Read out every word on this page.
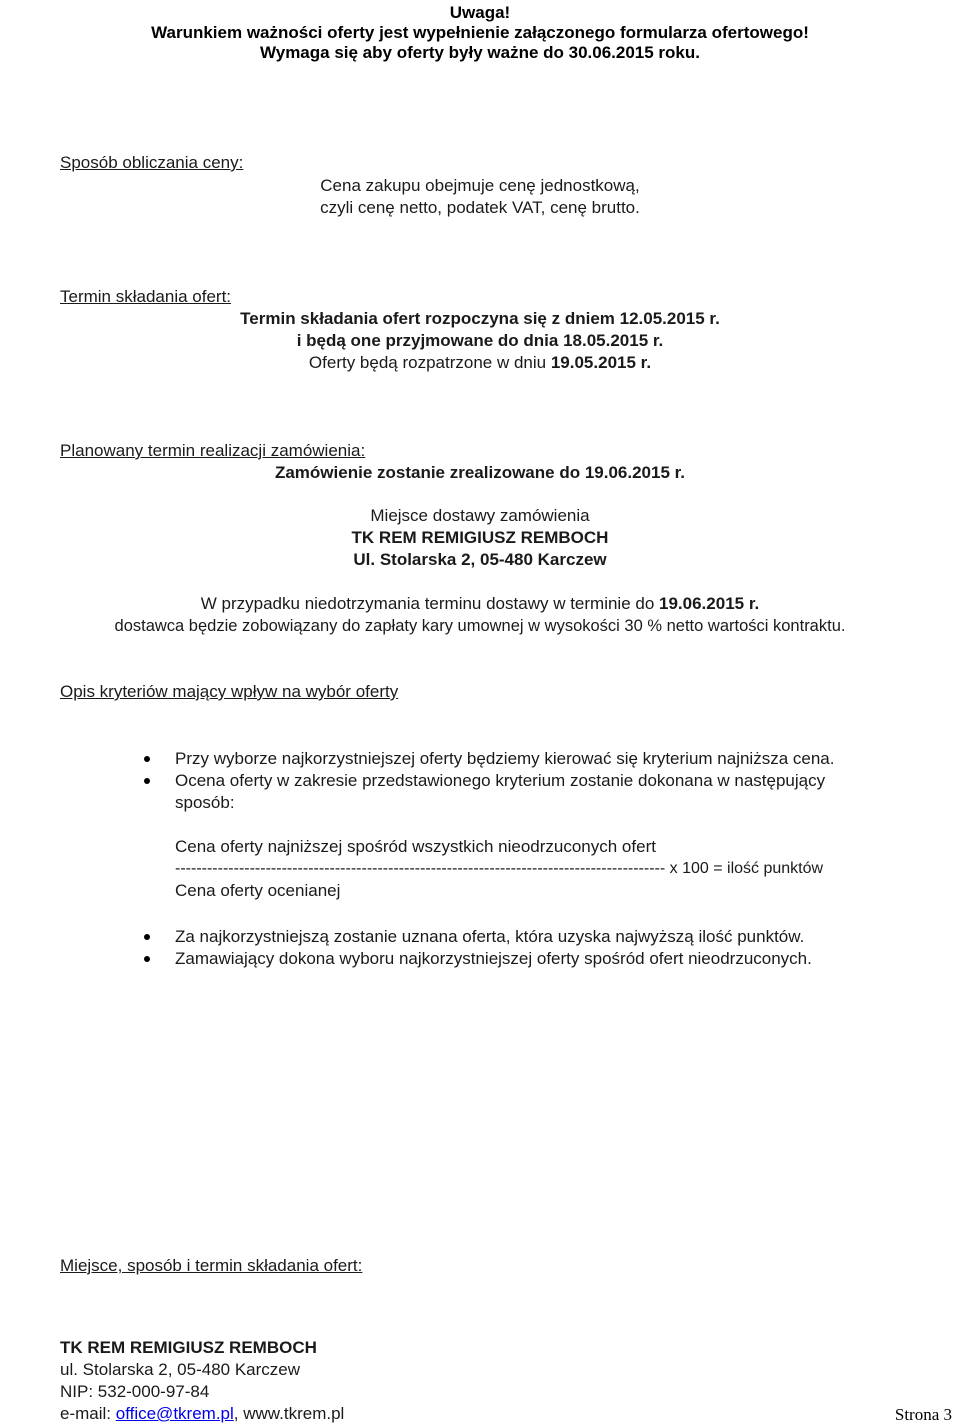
Uwaga!
Warunkiem ważności oferty jest wypełnienie załączonego formularza ofertowego!
Wymaga się aby oferty były ważne do 30.06.2015 roku.
Sposób obliczania ceny:
Cena zakupu obejmuje cenę jednostkową,
czyli cenę netto, podatek VAT, cenę brutto.
Termin składania ofert:
Termin składania ofert rozpoczyna się z dniem 12.05.2015 r.
i będą one przyjmowane do dnia 18.05.2015 r.
Oferty będą rozpatrzone w dniu 19.05.2015 r.
Planowany termin realizacji zamówienia:
Zamówienie zostanie zrealizowane do 19.06.2015 r.
Miejsce dostawy zamówienia
TK REM REMIGIUSZ REMBOCH
Ul. Stolarska 2, 05-480 Karczew
W przypadku niedotrzymania terminu dostawy w terminie do 19.06.2015 r.
dostawca będzie zobowiązany do zapłaty kary umownej w wysokości 30 % netto wartości kontraktu.
Opis kryteriów mający wpływ na wybór oferty
Przy wyborze najkorzystniejszej oferty będziemy kierować się kryterium najniższa cena.
Ocena oferty w zakresie przedstawionego kryterium zostanie dokonana w następujący
sposób:
Cena oferty najniższej spośród wszystkich nieodrzuconych ofert
-------------------------------------------------------------------------------------------- x 100 = ilość punktów
Cena oferty ocenianej
Za najkorzystniejszą zostanie uznana oferta, która uzyska najwyższą ilość punktów.
Zamawiający dokona wyboru najkorzystniejszej oferty spośród ofert nieodrzuconych.
Miejsce, sposób i termin składania ofert:
TK REM REMIGIUSZ REMBOCH
ul. Stolarska 2, 05-480 Karczew
NIP: 532-000-97-84
e-mail: office@tkrem.pl, www.tkrem.pl	Strona 3
